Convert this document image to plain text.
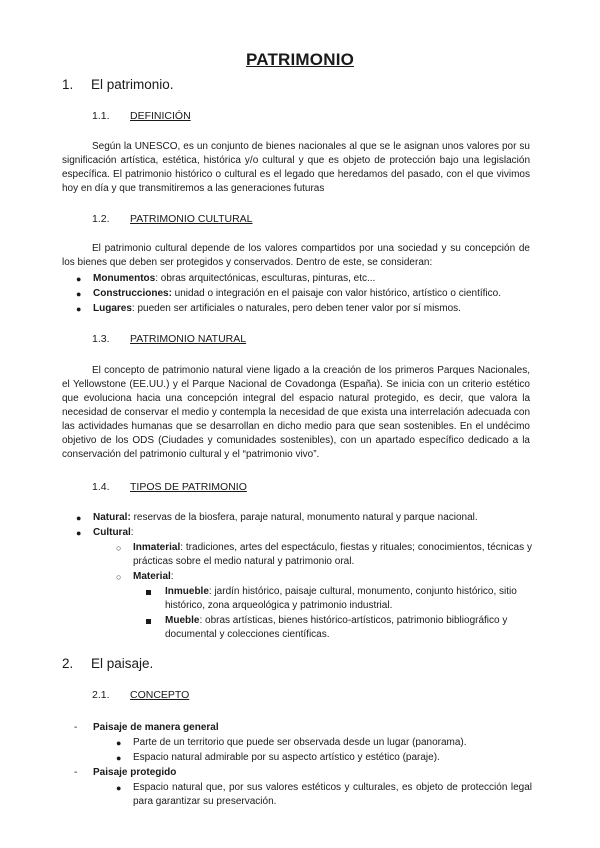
PATRIMONIO
1. El patrimonio.
1.1. DEFINICIÓN
Según la UNESCO, es un conjunto de bienes nacionales al que se le asignan unos valores por su significación artística, estética, histórica y/o cultural y que es objeto de protección bajo una legislación específica. El patrimonio histórico o cultural es el legado que heredamos del pasado, con el que vivimos hoy en día y que transmitiremos a las generaciones futuras
1.2. PATRIMONIO CULTURAL
El patrimonio cultural depende de los valores compartidos por una sociedad y su concepción de los bienes que deben ser protegidos y conservados. Dentro de este, se consideran:
● Monumentos: obras arquitectónicas, esculturas, pinturas, etc...
● Construcciones: unidad o integración en el paisaje con valor histórico, artístico o científico.
● Lugares: pueden ser artificiales o naturales, pero deben tener valor por sí mismos.
1.3. PATRIMONIO NATURAL
El concepto de patrimonio natural viene ligado a la creación de los primeros Parques Nacionales, el Yellowstone (EE.UU.) y el Parque Nacional de Covadonga (España). Se inicia con un criterio estético que evoluciona hacia una concepción integral del espacio natural protegido, es decir, que valora la necesidad de conservar el medio y contempla la necesidad de que exista una interrelación adecuada con las actividades humanas que se desarrollan en dicho medio para que sean sostenibles. En el undécimo objetivo de los ODS (Ciudades y comunidades sostenibles), con un apartado específico dedicado a la conservación del patrimonio cultural y el “patrimonio vivo”.
1.4. TIPOS DE PATRIMONIO
● Natural: reservas de la biosfera, paraje natural, monumento natural y parque nacional.
● Cultural:
○ Inmaterial: tradiciones, artes del espectáculo, fiestas y rituales; conocimientos, técnicas y prácticas sobre el medio natural y patrimonio oral.
○ Material:
Inmueble: jardín histórico, paisaje cultural, monumento, conjunto histórico, sitio histórico, zona arqueológica y patrimonio industrial.
Mueble: obras artísticas, bienes histórico-artísticos, patrimonio bibliográfico y documental y colecciones científicas.
2. El paisaje.
2.1. CONCEPTO
- Paisaje de manera general
● Parte de un territorio que puede ser observada desde un lugar (panorama).
● Espacio natural admirable por su aspecto artístico y estético (paraje).
- Paisaje protegido
● Espacio natural que, por sus valores estéticos y culturales, es objeto de protección legal para garantizar su preservación.
